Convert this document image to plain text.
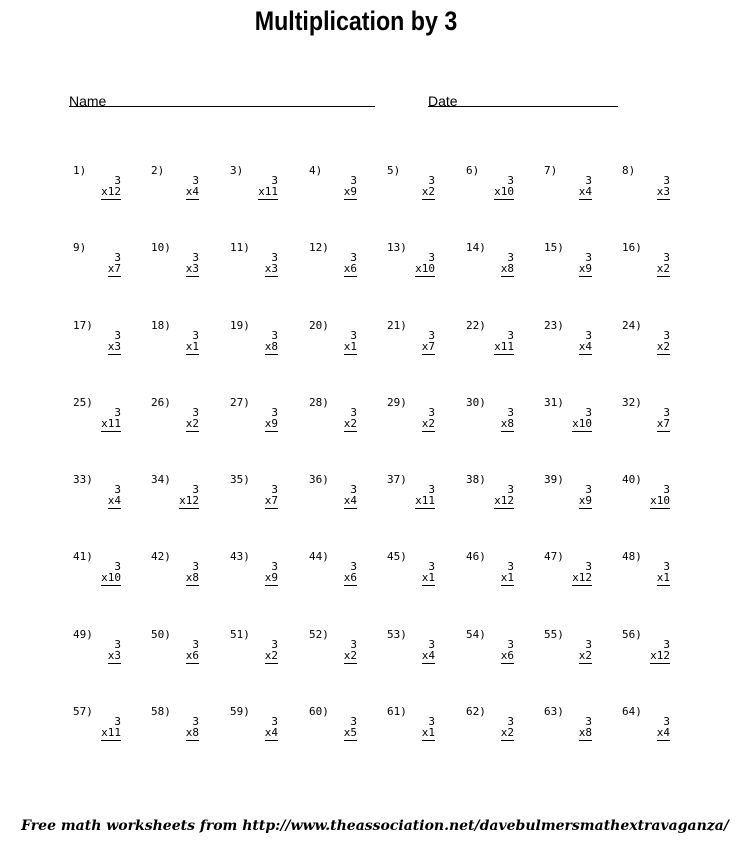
Multiplication by 3
Name	Date
1)
3
x12
2)
3
x4
3)
3
x11
4)
3
x9
5)
3
x2
6)
3
x10
7)
3
x4
8)
3
x3
9)
3
x7
10)
3
x3
11)
3
x3
12)
3
x6
13)
3
x10
14)
3
x8
15)
3
x9
16)
3
x2
17)
3
x3
18)
3
x1
19)
3
x8
20)
3
x1
21)
3
x7
22)
3
x11
23)
3
x4
24)
3
x2
25)
3
x11
26)
3
x2
27)
3
x9
28)
3
x2
29)
3
x2
30)
3
x8
31)
3
x10
32)
3
x7
33)
3
x4
34)
3
x12
35)
3
x7
36)
3
x4
37)
3
x11
38)
3
x12
39)
3
x9
40)
3
x10
41)
3
x10
42)
3
x8
43)
3
x9
44)
3
x6
45)
3
x1
46)
3
x1
47)
3
x12
48)
3
x1
49)
3
x3
50)
3
x6
51)
3
x2
52)
3
x2
53)
3
x4
54)
3
x6
55)
3
x2
56)
3
x12
57)
3
x11
58)
3
x8
59)
3
x4
60)
3
x5
61)
3
x1
62)
3
x2
63)
3
x8
64)
3
x4
Free math worksheets from http://www.theassociation.net/davebulmersmathextravaganza/
